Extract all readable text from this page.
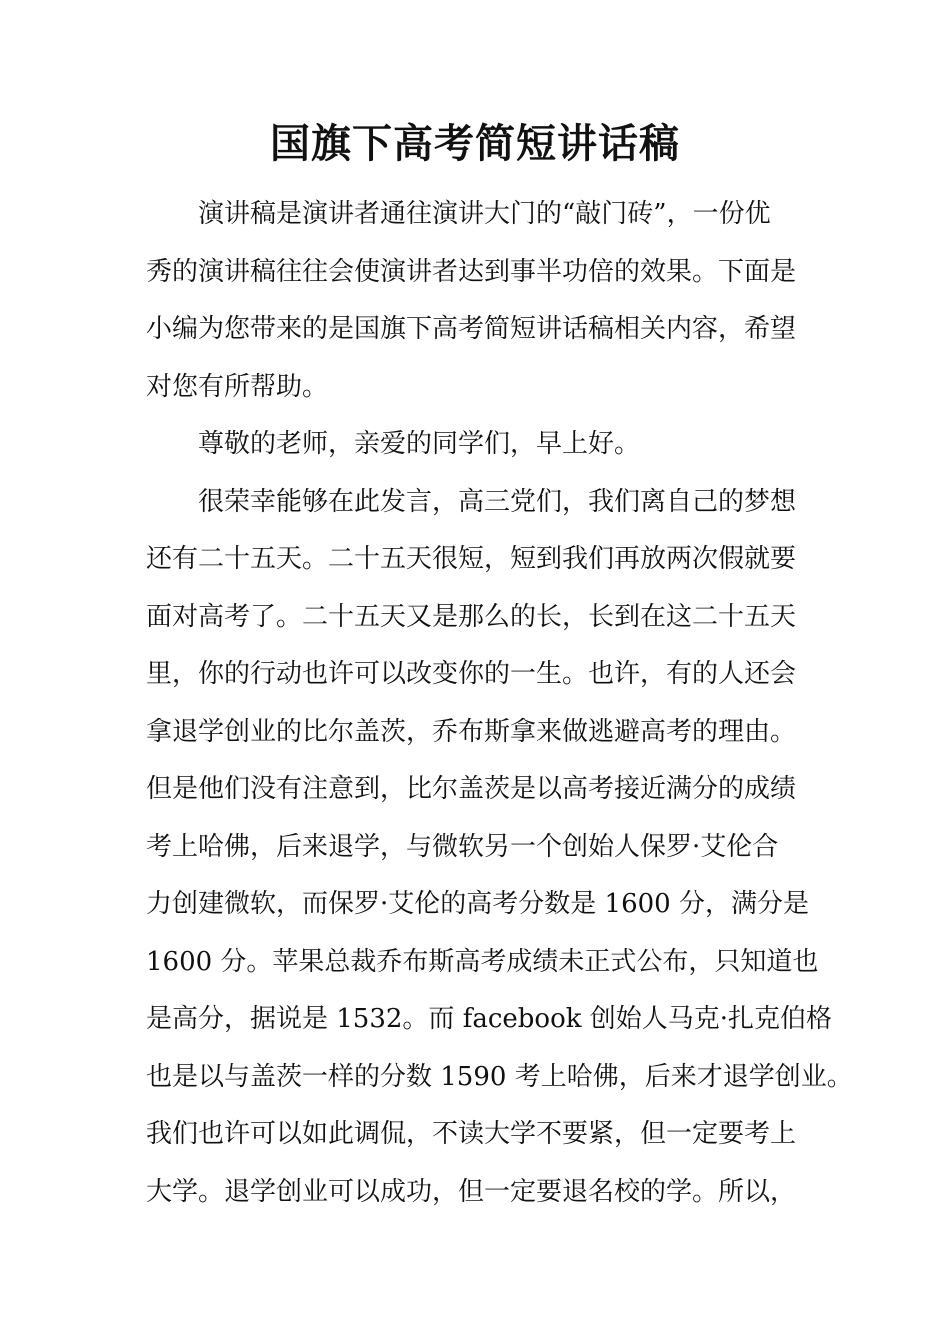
国旗下高考简短讲话稿

演讲稿是演讲者通往演讲大门的“敲门砖”，一份优
秀的演讲稿往往会使演讲者达到事半功倍的效果。下面是
小编为您带来的是国旗下高考简短讲话稿相关内容，希望
对您有所帮助。

尊敬的老师，亲爱的同学们，早上好。

很荣幸能够在此发言，高三党们，我们离自己的梦想
还有二十五天。二十五天很短，短到我们再放两次假就要
面对高考了。二十五天又是那么的长，长到在这二十五天
里，你的行动也许可以改变你的一生。也许，有的人还会
拿退学创业的比尔盖茨，乔布斯拿来做逃避高考的理由。
但是他们没有注意到，比尔盖茨是以高考接近满分的成绩
考上哈佛，后来退学，与微软另一个创始人保罗·艾伦合
力创建微软，而保罗·艾伦的高考分数是 1600 分，满分是
1600 分。苹果总裁乔布斯高考成绩未正式公布，只知道也
是高分，据说是 1532。而 facebook 创始人马克·扎克伯格
也是以与盖茨一样的分数 1590 考上哈佛，后来才退学创业。
我们也许可以如此调侃，不读大学不要紧，但一定要考上
大学。退学创业可以成功，但一定要退名校的学。所以，
